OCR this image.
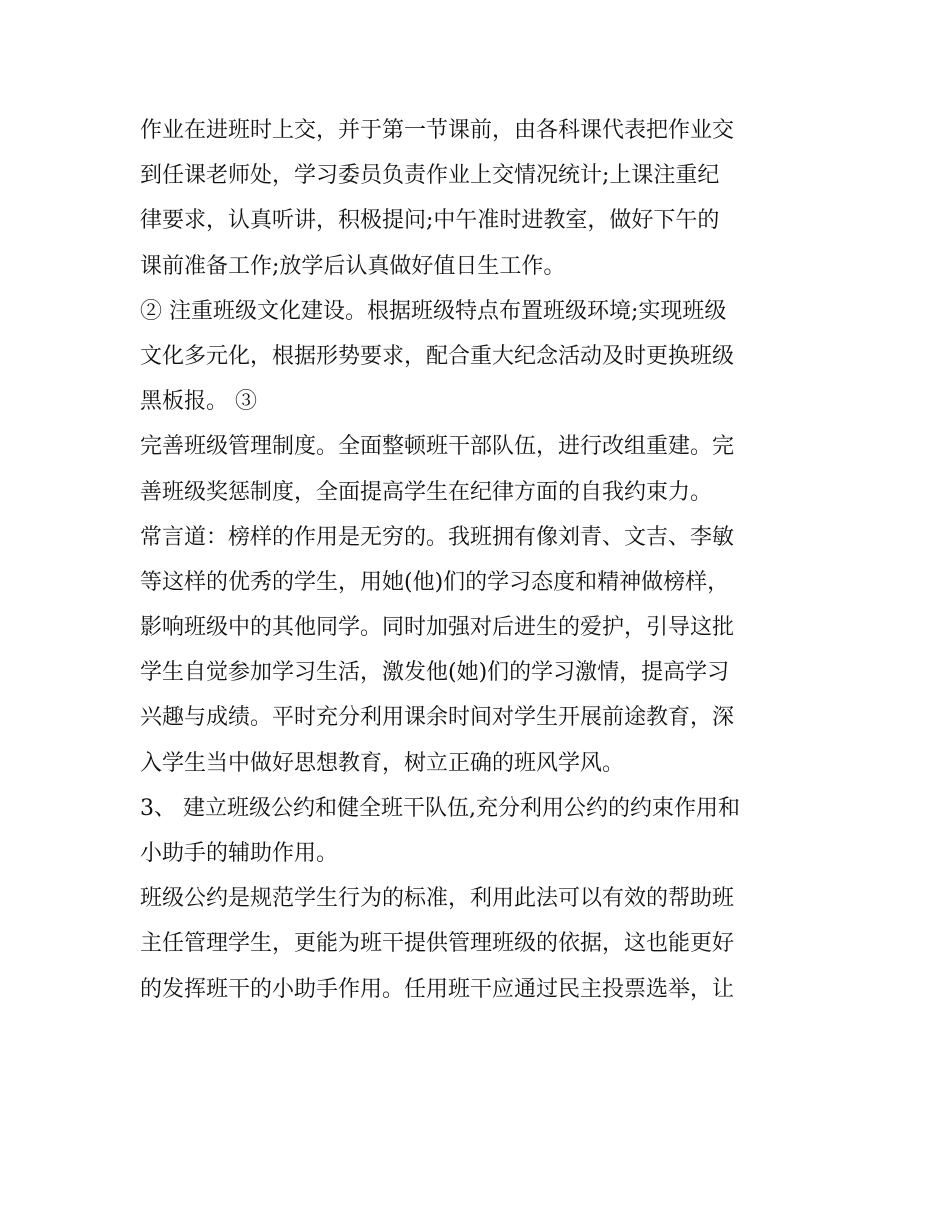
作业在进班时上交，并于第一节课前，由各科课代表把作业交

到任课老师处，学习委员负责作业上交情况统计;上课注重纪

律要求，认真听讲，积极提问;中午准时进教室，做好下午的

课前准备工作;放学后认真做好值日生工作。

② 注重班级文化建设。根据班级特点布置班级环境;实现班级

文化多元化，根据形势要求，配合重大纪念活动及时更换班级

黑板报。 ③

完善班级管理制度。全面整顿班干部队伍，进行改组重建。完

善班级奖惩制度，全面提高学生在纪律方面的自我约束力。

常言道：榜样的作用是无穷的。我班拥有像刘青、文吉、李敏

等这样的优秀的学生，用她(他)们的学习态度和精神做榜样，

影响班级中的其他同学。同时加强对后进生的爱护，引导这批

学生自觉参加学习生活，激发他(她)们的学习激情，提高学习

兴趣与成绩。平时充分利用课余时间对学生开展前途教育，深

入学生当中做好思想教育，树立正确的班风学风。

3、 建立班级公约和健全班干队伍,充分利用公约的约束作用和

小助手的辅助作用。

班级公约是规范学生行为的标准，利用此法可以有效的帮助班

主任管理学生，更能为班干提供管理班级的依据，这也能更好

的发挥班干的小助手作用。任用班干应通过民主投票选举，让
